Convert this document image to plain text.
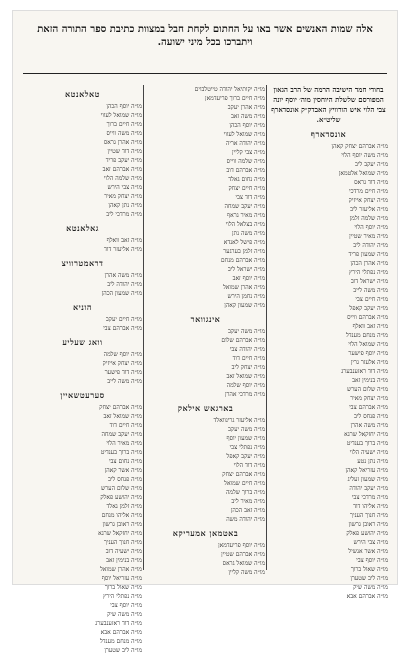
אלה שמות האנשים אשר באו על החתום לקחת חבל במצוות כתיבת ספר התורה הזאת ויתברכו בכל מיני ישועה.
בחודי חמד הישיבה הרמה של הרב הגאון המפורסם שלשלת היוחסין מוה׳ יוסף יונה צבי הלוי איש הורוויץ האבדק״ק אונסדארף שליט״א.
אונסדארף
מו״ה אברהם יצחק קאהן
מו״ה משה יוסף הלוי
מו״ה יעקב ליב
מו״ה שמואל אלטמאן
מו״ה דוד גראס
מו״ה חיים מרדכי
מו״ה יצחק אייזיק
מו״ה אליעזר ליב
מו״ה שלמה זלמן
מו״ה יוסף הלוי
מו״ה מאיר שטיין
מו״ה יהודה ליב
מו״ה שמעון פריד
מו״ה אהרן הכהן
מו״ה נפתלי הירץ
מו״ה ישראל דוב
מו״ה משה לייב
מו״ה חיים צבי
מו״ה יעקב קאפל
מו״ה אברהם ווייס
מו״ה זאב וואלף
מו״ה מנחם מענדל
מו״ה שמואל הלוי
מו״ה יוסף פישער
מו״ה אלעזר גרין
מו״ה דוד ראזענבערג
מו״ה בנימין זאב
מו״ה שלום הערש
מו״ה יצחק מאיר
מו״ה אברהם צבי
מו״ה פנחס ליב
מו״ה משה אהרן
מו״ה יחזקאל שרגא
מו״ה ברוך בענדיט
מו״ה ישעיה הלוי
מו״ה נתן נטע
מו״ה עזריאל קאהן
מו״ה שמעון זעליג
מו״ה יעקב יהודה
מו״ה מרדכי צבי
מו״ה אליהו דוד
מו״ה חנוך העניך
מו״ה ראובן גרשון
מו״ה יהושע פאלק
מו״ה צבי הירש
מו״ה אשר אנשיל
מו״ה יוסף צבי
מו״ה שאול ברוך
מו״ה ליב שטערן
מו״ה משה שיק
מו״ה אברהם אבא
מו״ה יקותיאל יהודה טייטלבוים
מו״ה חיים ברוך פריעדמאן
מו״ה אהרן יעקב
מו״ה משה זאב
מו״ה יוסף הכהן
מו״ה שמואל לעווי
מו״ה יהודה אריה
מו״ה צבי קליין
מו״ה שלמה ווייס
מו״ה אברהם דוב
מו״ה נחום גאלד
מו״ה חיים יצחק
מו״ה דוד צבי
מו״ה יעקב שמחה
מו״ה מאיר גראף
מו״ה בצלאל הלוי
מו״ה משה נתן
מו״ה פישל לאנדא
מו״ה זלמן בערגער
מו״ה אברהם מנחם
מו״ה ישראל ליב
מו״ה יוסף זאב
מו״ה אהרן שמואל
מו״ה נחמן הירש
מו״ה שמעון קאהן
אינגוואר
מו״ה משה יעקב
מו״ה אברהם שלום
מו״ה יהודה צבי
מו״ה חיים דוד
מו״ה יצחק ליב
מו״ה שמואל זאב
מו״ה יוסף שלמה
מו״ה מרדכי אהרן
בארגאש אילאק
מו״ה אליעזר גרינוואלד
מו״ה משה יעקב
מו״ה שמעון יוסף
מו״ה נפתלי צבי
מו״ה יעקב קאפל
מו״ה דוד הלוי
מו״ה אברהם יצחק
מו״ה חיים שמואל
מו״ה ברוך שלמה
מו״ה מאיר ליב
מו״ה זאב הכהן
מו״ה יהודה משה
באטמאן אמעריקא
מו״ה יוסף פריעדמאן
מו״ה אברהם שטיין
מו״ה שמואל גראס
מו״ה משה קליין
טאלאנטא
מו״ה יוסף הכהן
מו״ה שמואל לעווי
מו״ה חיים ברוך
מו״ה משה ווייס
מו״ה אהרן גראס
מו״ה דוד שטיין
מו״ה יעקב פריד
מו״ה אברהם זאב
מו״ה שלמה הלוי
מו״ה צבי הירש
מו״ה יצחק מאיר
מו״ה נתן קאהן
מו״ה מרדכי ליב
גאלאנטא
מו״ה זאב וואלף
מו״ה אליעזר דוד
דראמטרוויצ
מו״ה משה אהרן
מו״ה יהודה ליב
מו״ה שמעון הכהן
הוניא
מו״ה חיים יעקב
מו״ה אברהם צבי
וואג שעליע
מו״ה יוסף שלמה
מו״ה יצחק אייזיק
מו״ה דוד פישער
מו״ה משה לייב
סערעטשאיין
מו״ה אברהם יצחק
מו״ה שמואל זאב
מו״ה חיים דוד
מו״ה יעקב שמחה
מו״ה מאיר הלוי
מו״ה ברוך בענדיט
מו״ה נחום צבי
מו״ה אשר קאהן
מו״ה פנחס ליב
מו״ה שלום הערש
מו״ה יהושע פאלק
מו״ה זלמן גאלד
מו״ה אליהו מנחם
מו״ה ראובן גרשון
מו״ה יחזקאל שרגא
מו״ה חנוך העניך
מו״ה ישעיה דוב
מו״ה בנימין זאב
מו״ה אהרן שמואל
מו״ה עזריאל יוסף
מו״ה שאול ברוך
מו״ה נפתלי הירץ
מו״ה יוסף צבי
מו״ה משה שיק
מו״ה דוד ראזענבערג
מו״ה אברהם אבא
מו״ה מנחם מענדל
מו״ה ליב שטערן
